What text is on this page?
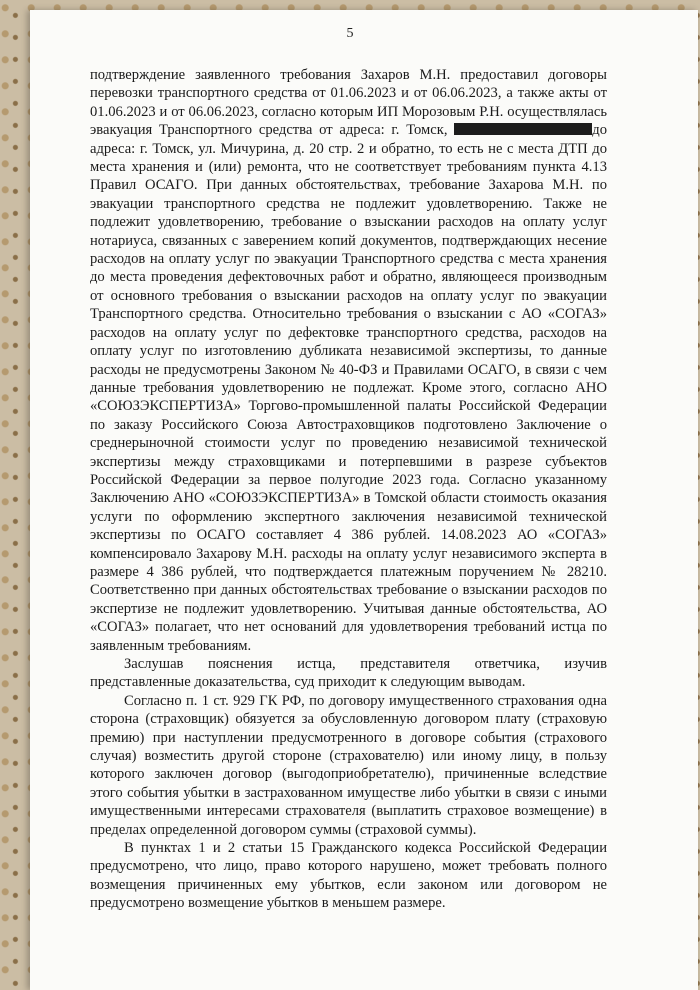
5

подтверждение заявленного требования Захаров М.Н. предоставил договоры перевозки транспортного средства от 01.06.2023 и от 06.06.2023, а также акты от 01.06.2023 и от 06.06.2023, согласно которым ИП Морозовым Р.Н. осуществлялась эвакуация Транспортного средства от адреса: г. Томск,	до адреса: г. Томск, ул. Мичурина, д. 20 стр. 2 и обратно, то есть не с места ДТП до места хранения и (или) ремонта, что не соответствует требованиям пункта 4.13 Правил ОСАГО. При данных обстоятельствах, требование Захарова М.Н. по эвакуации транспортного средства не подлежит удовлетворению. Также не подлежит удовлетворению, требование о взыскании расходов на оплату услуг нотариуса, связанных с заверением копий документов, подтверждающих несение расходов на оплату услуг по эвакуации Транспортного средства с места хранения до места проведения дефектовочных работ и обратно, являющееся производным от основного требования о взыскании расходов на оплату услуг по эвакуации Транспортного средства. Относительно требования о взыскании с АО «СОГАЗ» расходов на оплату услуг по дефектовке транспортного средства, расходов на оплату услуг по изготовлению дубликата независимой экспертизы, то данные расходы не предусмотрены Законом № 40-ФЗ и Правилами ОСАГО, в связи с чем данные требования удовлетворению не подлежат. Кроме этого, согласно АНО «СОЮЗЭКСПЕРТИЗА» Торгово-промышленной палаты Российской Федерации по заказу Российского Союза Автостраховщиков подготовлено Заключение о среднерыночной стоимости услуг по проведению независимой технической экспертизы между страховщиками и потерпевшими в разрезе субъектов Российской Федерации за первое полугодие 2023 года. Согласно указанному Заключению АНО «СОЮЗЭКСПЕРТИЗА» в Томской области стоимость оказания услуги по оформлению экспертного заключения независимой технической экспертизы по ОСАГО составляет 4 386 рублей. 14.08.2023 АО «СОГАЗ» компенсировало Захарову М.Н. расходы на оплату услуг независимого эксперта в размере 4 386 рублей, что подтверждается платежным поручением № 28210. Соответственно при данных обстоятельствах требование о взыскании расходов по экспертизе не подлежит удовлетворению. Учитывая данные обстоятельства, АО «СОГАЗ» полагает, что нет оснований для удовлетворения требований истца по заявленным требованиям.

Заслушав пояснения истца, представителя ответчика, изучив представленные доказательства, суд приходит к следующим выводам.

Согласно п. 1 ст. 929 ГК РФ, по договору имущественного страхования одна сторона (страховщик) обязуется за обусловленную договором плату (страховую премию) при наступлении предусмотренного в договоре события (страхового случая) возместить другой стороне (страхователю) или иному лицу, в пользу которого заключен договор (выгодоприобретателю), причиненные вследствие этого события убытки в застрахованном имуществе либо убытки в связи с иными имущественными интересами страхователя (выплатить страховое возмещение) в пределах определенной договором суммы (страховой суммы).

В пунктах 1 и 2 статьи 15 Гражданского кодекса Российской Федерации предусмотрено, что лицо, право которого нарушено, может требовать полного возмещения причиненных ему убытков, если законом или договором не предусмотрено возмещение убытков в меньшем размере.
